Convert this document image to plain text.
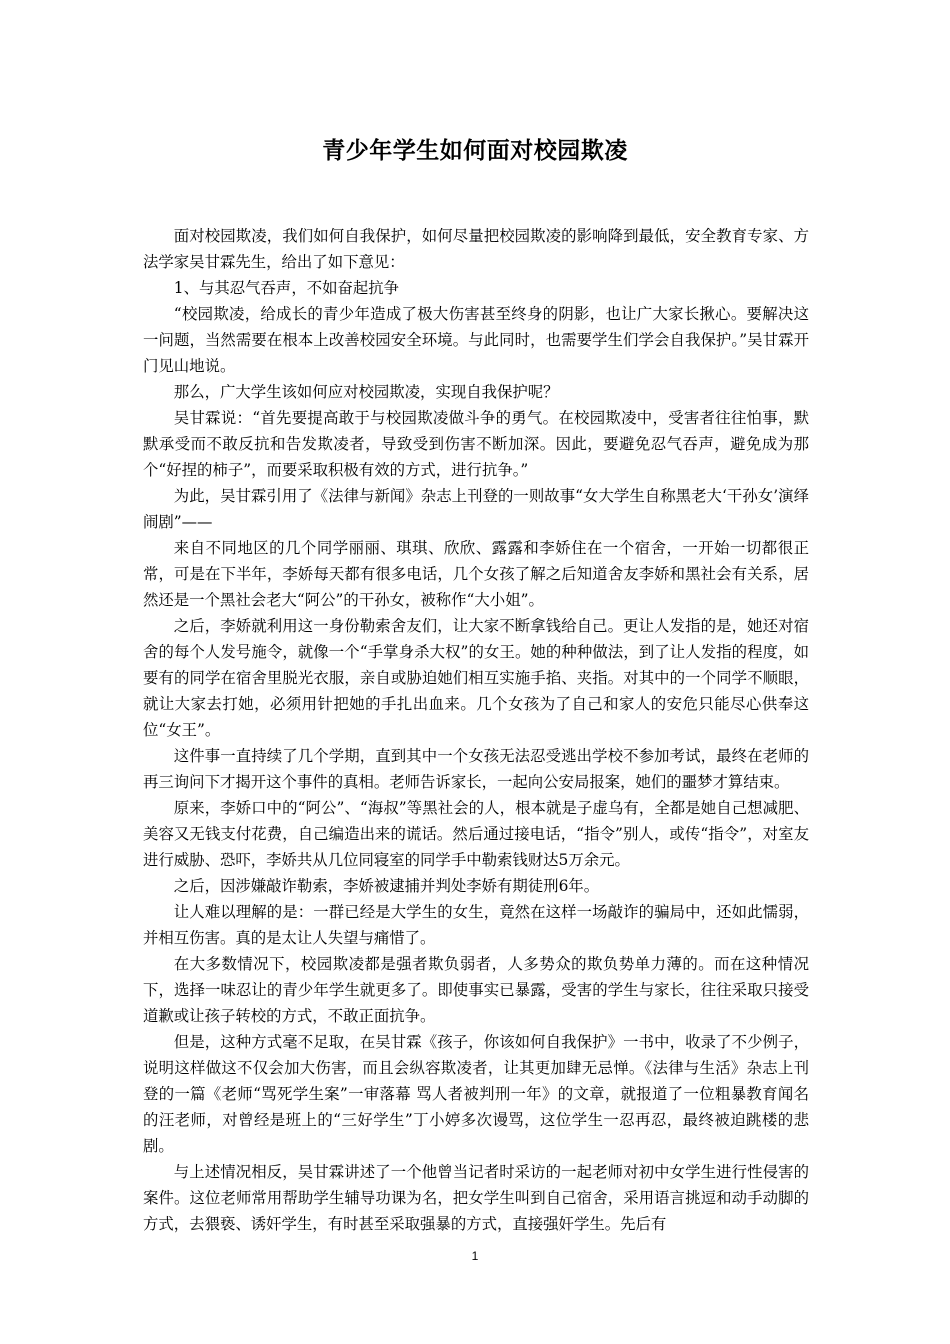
青少年学生如何面对校园欺凌

面对校园欺凌，我们如何自我保护，如何尽量把校园欺凌的影响降到最低，安全教育专家、方法学家吴甘霖先生，给出了如下意见：

1、与其忍气吞声，不如奋起抗争

“校园欺凌，给成长的青少年造成了极大伤害甚至终身的阴影，也让广大家长揪心。要解决这一问题，当然需要在根本上改善校园安全环境。与此同时，也需要学生们学会自我保护。”吴甘霖开门见山地说。

那么，广大学生该如何应对校园欺凌，实现自我保护呢？

吴甘霖说：“首先要提高敢于与校园欺凌做斗争的勇气。在校园欺凌中，受害者往往怕事，默默承受而不敢反抗和告发欺凌者，导致受到伤害不断加深。因此，要避免忍气吞声，避免成为那个“好捏的柿子”，而要采取积极有效的方式，进行抗争。”

为此，吴甘霖引用了《法律与新闻》杂志上刊登的一则故事“女大学生自称黑老大‘干孙女’演绎闹剧”——

来自不同地区的几个同学丽丽、琪琪、欣欣、露露和李娇住在一个宿舍，一开始一切都很正常，可是在下半年，李娇每天都有很多电话，几个女孩了解之后知道舍友李娇和黑社会有关系，居然还是一个黑社会老大“阿公”的干孙女，被称作“大小姐”。

之后，李娇就利用这一身份勒索舍友们，让大家不断拿钱给自己。更让人发指的是，她还对宿舍的每个人发号施令，就像一个“手掌身杀大权”的女王。她的种种做法，到了让人发指的程度，如要有的同学在宿舍里脱光衣服，亲自或胁迫她们相互实施手掐、夹指。对其中的一个同学不顺眼，就让大家去打她，必须用针把她的手扎出血来。几个女孩为了自己和家人的安危只能尽心供奉这位“女王”。

这件事一直持续了几个学期，直到其中一个女孩无法忍受逃出学校不参加考试，最终在老师的再三询问下才揭开这个事件的真相。老师告诉家长，一起向公安局报案，她们的噩梦才算结束。

原来，李娇口中的“阿公”、“海叔”等黑社会的人，根本就是子虚乌有，全都是她自己想减肥、美容又无钱支付花费，自己编造出来的谎话。然后通过接电话，“指令”别人，或传“指令”，对室友进行威胁、恐吓，李娇共从几位同寝室的同学手中勒索钱财达5万余元。

之后，因涉嫌敲诈勒索，李娇被逮捕并判处李娇有期徒刑6年。

让人难以理解的是：一群已经是大学生的女生，竟然在这样一场敲诈的骗局中，还如此懦弱，并相互伤害。真的是太让人失望与痛惜了。

在大多数情况下，校园欺凌都是强者欺负弱者，人多势众的欺负势单力薄的。而在这种情况下，选择一味忍让的青少年学生就更多了。即使事实已暴露，受害的学生与家长，往往采取只接受道歉或让孩子转校的方式，不敢正面抗争。

但是，这种方式毫不足取，在吴甘霖《孩子，你该如何自我保护》一书中，收录了不少例子，说明这样做这不仅会加大伤害，而且会纵容欺凌者，让其更加肆无忌惮。《法律与生活》杂志上刊登的一篇《老师“骂死学生案”一审落幕 骂人者被判刑一年》的文章，就报道了一位粗暴教育闻名的汪老师，对曾经是班上的“三好学生”丁小婷多次谩骂，这位学生一忍再忍，最终被迫跳楼的悲剧。

与上述情况相反，吴甘霖讲述了一个他曾当记者时采访的一起老师对初中女学生进行性侵害的案件。这位老师常用帮助学生辅导功课为名，把女学生叫到自己宿舍，采用语言挑逗和动手动脚的方式，去猥亵、诱奸学生，有时甚至采取强暴的方式，直接强奸学生。先后有

1
